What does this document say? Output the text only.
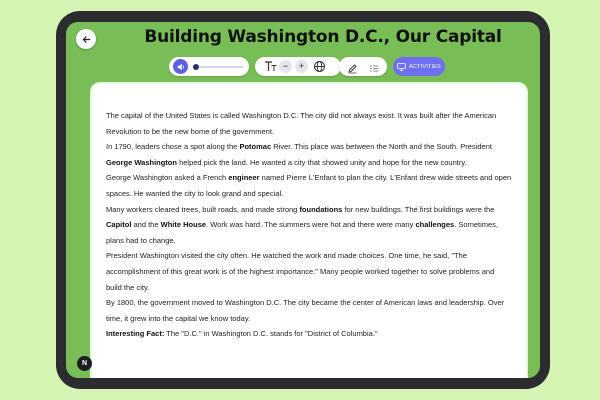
Building Washington D.C., Our Capital
−	+	ACTIVITIES

The capital of the United States is called Washington D.C. The city did not always exist. It was built after the American Revolution to be the new home of the government.

In 1790, leaders chose a spot along the Potomac River. This place was between the North and the South. President George Washington helped pick the land. He wanted a city that showed unity and hope for the new country.

George Washington asked a French engineer named Pierre L'Enfant to plan the city. L'Enfant drew wide streets and open spaces. He wanted the city to look grand and special.

Many workers cleared trees, built roads, and made strong foundations for new buildings. The first buildings were the Capitol and the White House. Work was hard. The summers were hot and there were many challenges. Sometimes, plans had to change.

President Washington visited the city often. He watched the work and made choices. One time, he said, "The accomplishment of this great work is of the highest importance." Many people worked together to solve problems and build the city.

By 1800, the government moved to Washington D.C. The city became the center of American laws and leadership. Over time, it grew into the capital we know today.

Interesting Fact: The "D.C." in Washington D.C. stands for "District of Columbia."

N
